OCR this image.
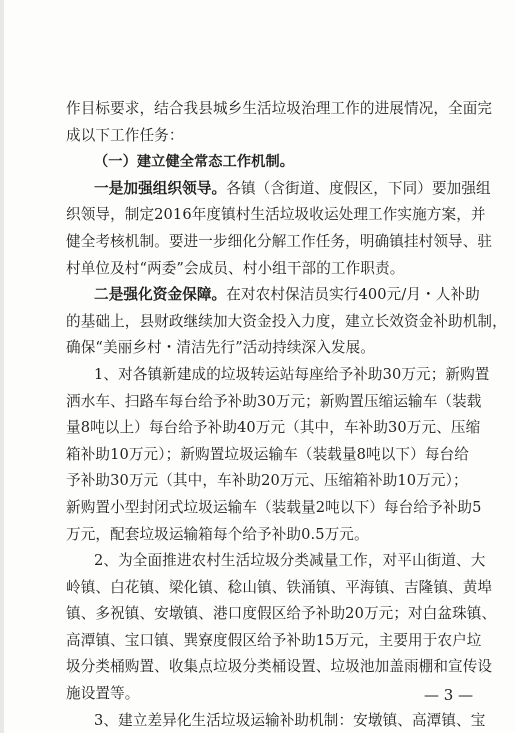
作目标要求，结合我县城乡生活垃圾治理工作的进展情况，全面完
成以下工作任务：
（一）建立健全常态工作机制。
一是加强组织领导。各镇（含街道、度假区，下同）要加强组
织领导，制定2016年度镇村生活垃圾收运处理工作实施方案，并
健全考核机制。要进一步细化分解工作任务，明确镇挂村领导、驻
村单位及村“两委”会成员、村小组干部的工作职责。
二是强化资金保障。在对农村保洁员实行400元/月・人补助
的基础上，县财政继续加大资金投入力度，建立长效资金补助机制，
确保“美丽乡村・清洁先行”活动持续深入发展。
1、对各镇新建成的垃圾转运站每座给予补助30万元；新购置
洒水车、扫路车每台给予补助30万元；新购置压缩运输车（装载
量8吨以上）每台给予补助40万元（其中，车补助30万元、压缩
箱补助10万元）；新购置垃圾运输车（装载量8吨以下）每台给
予补助30万元（其中，车补助20万元、压缩箱补助10万元）；
新购置小型封闭式垃圾运输车（装载量2吨以下）每台给予补助5
万元，配套垃圾运输箱每个给予补助0.5万元。
2、为全面推进农村生活垃圾分类减量工作，对平山街道、大
岭镇、白花镇、梁化镇、稔山镇、铁涌镇、平海镇、吉隆镇、黄埠
镇、多祝镇、安墩镇、港口度假区给予补助20万元；对白盆珠镇、
高潭镇、宝口镇、巽寮度假区给予补助15万元，主要用于农户垃
圾分类桶购置、收集点垃圾分类桶设置、垃圾池加盖雨棚和宣传设
施设置等。
3、建立差异化生活垃圾运输补助机制：安墩镇、高潭镇、宝
— 3 —
